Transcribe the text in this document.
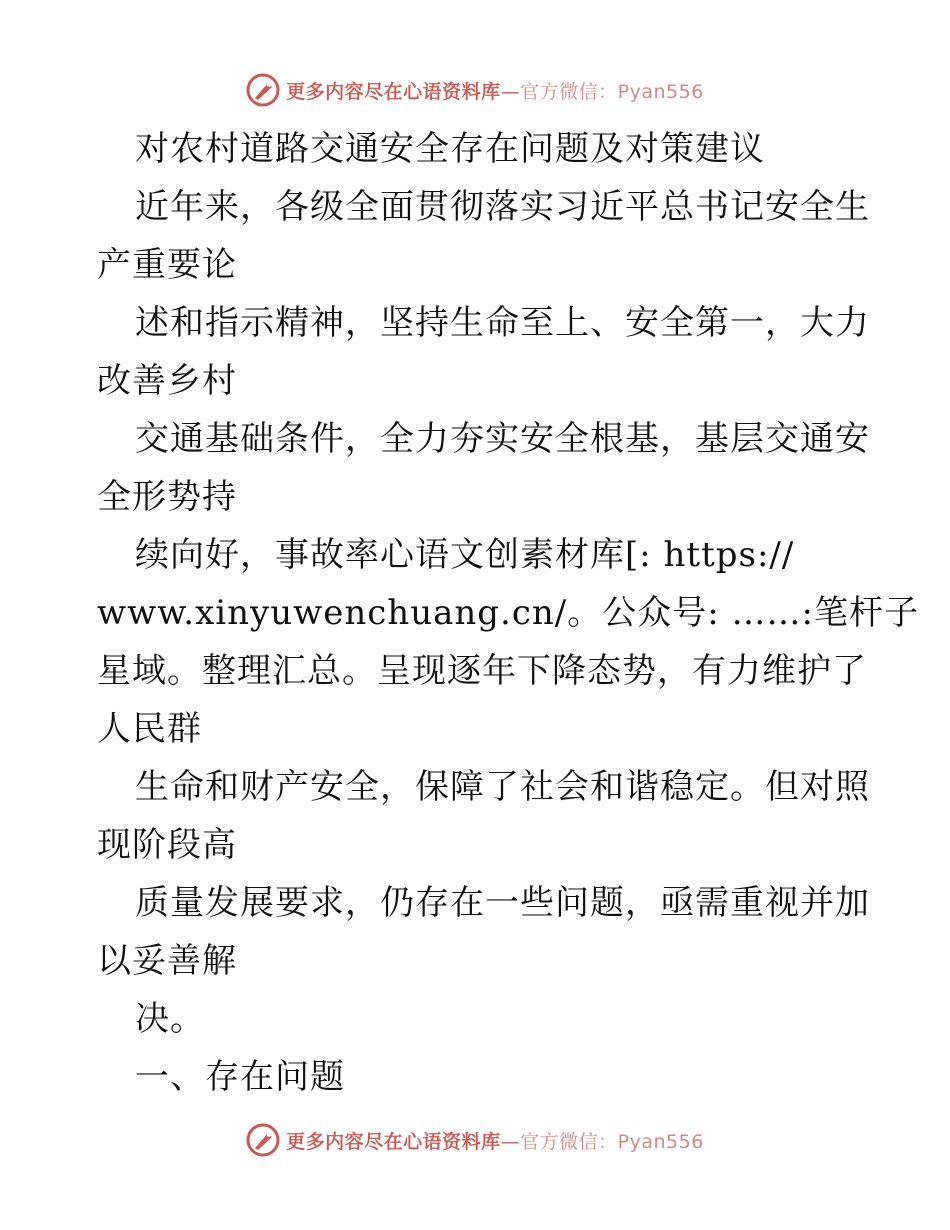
更多内容尽在心语资料库—官方微信：Pyan556
对农村道路交通安全存在问题及对策建议
近年来，各级全面贯彻落实习近平总书记安全生
产重要论
述和指示精神，坚持生命至上、安全第一，大力
改善乡村
交通基础条件，全力夯实安全根基，基层交通安
全形势持
续向好，事故率心语文创素材库[: https://
www.xinyuwenchuang.cn/。公众号: ……:笔杆子
星域。整理汇总。呈现逐年下降态势，有力维护了
人民群
生命和财产安全，保障了社会和谐稳定。但对照
现阶段高
质量发展要求，仍存在一些问题，亟需重视并加
以妥善解
决。
一、存在问题
更多内容尽在心语资料库—官方微信：Pyan556
